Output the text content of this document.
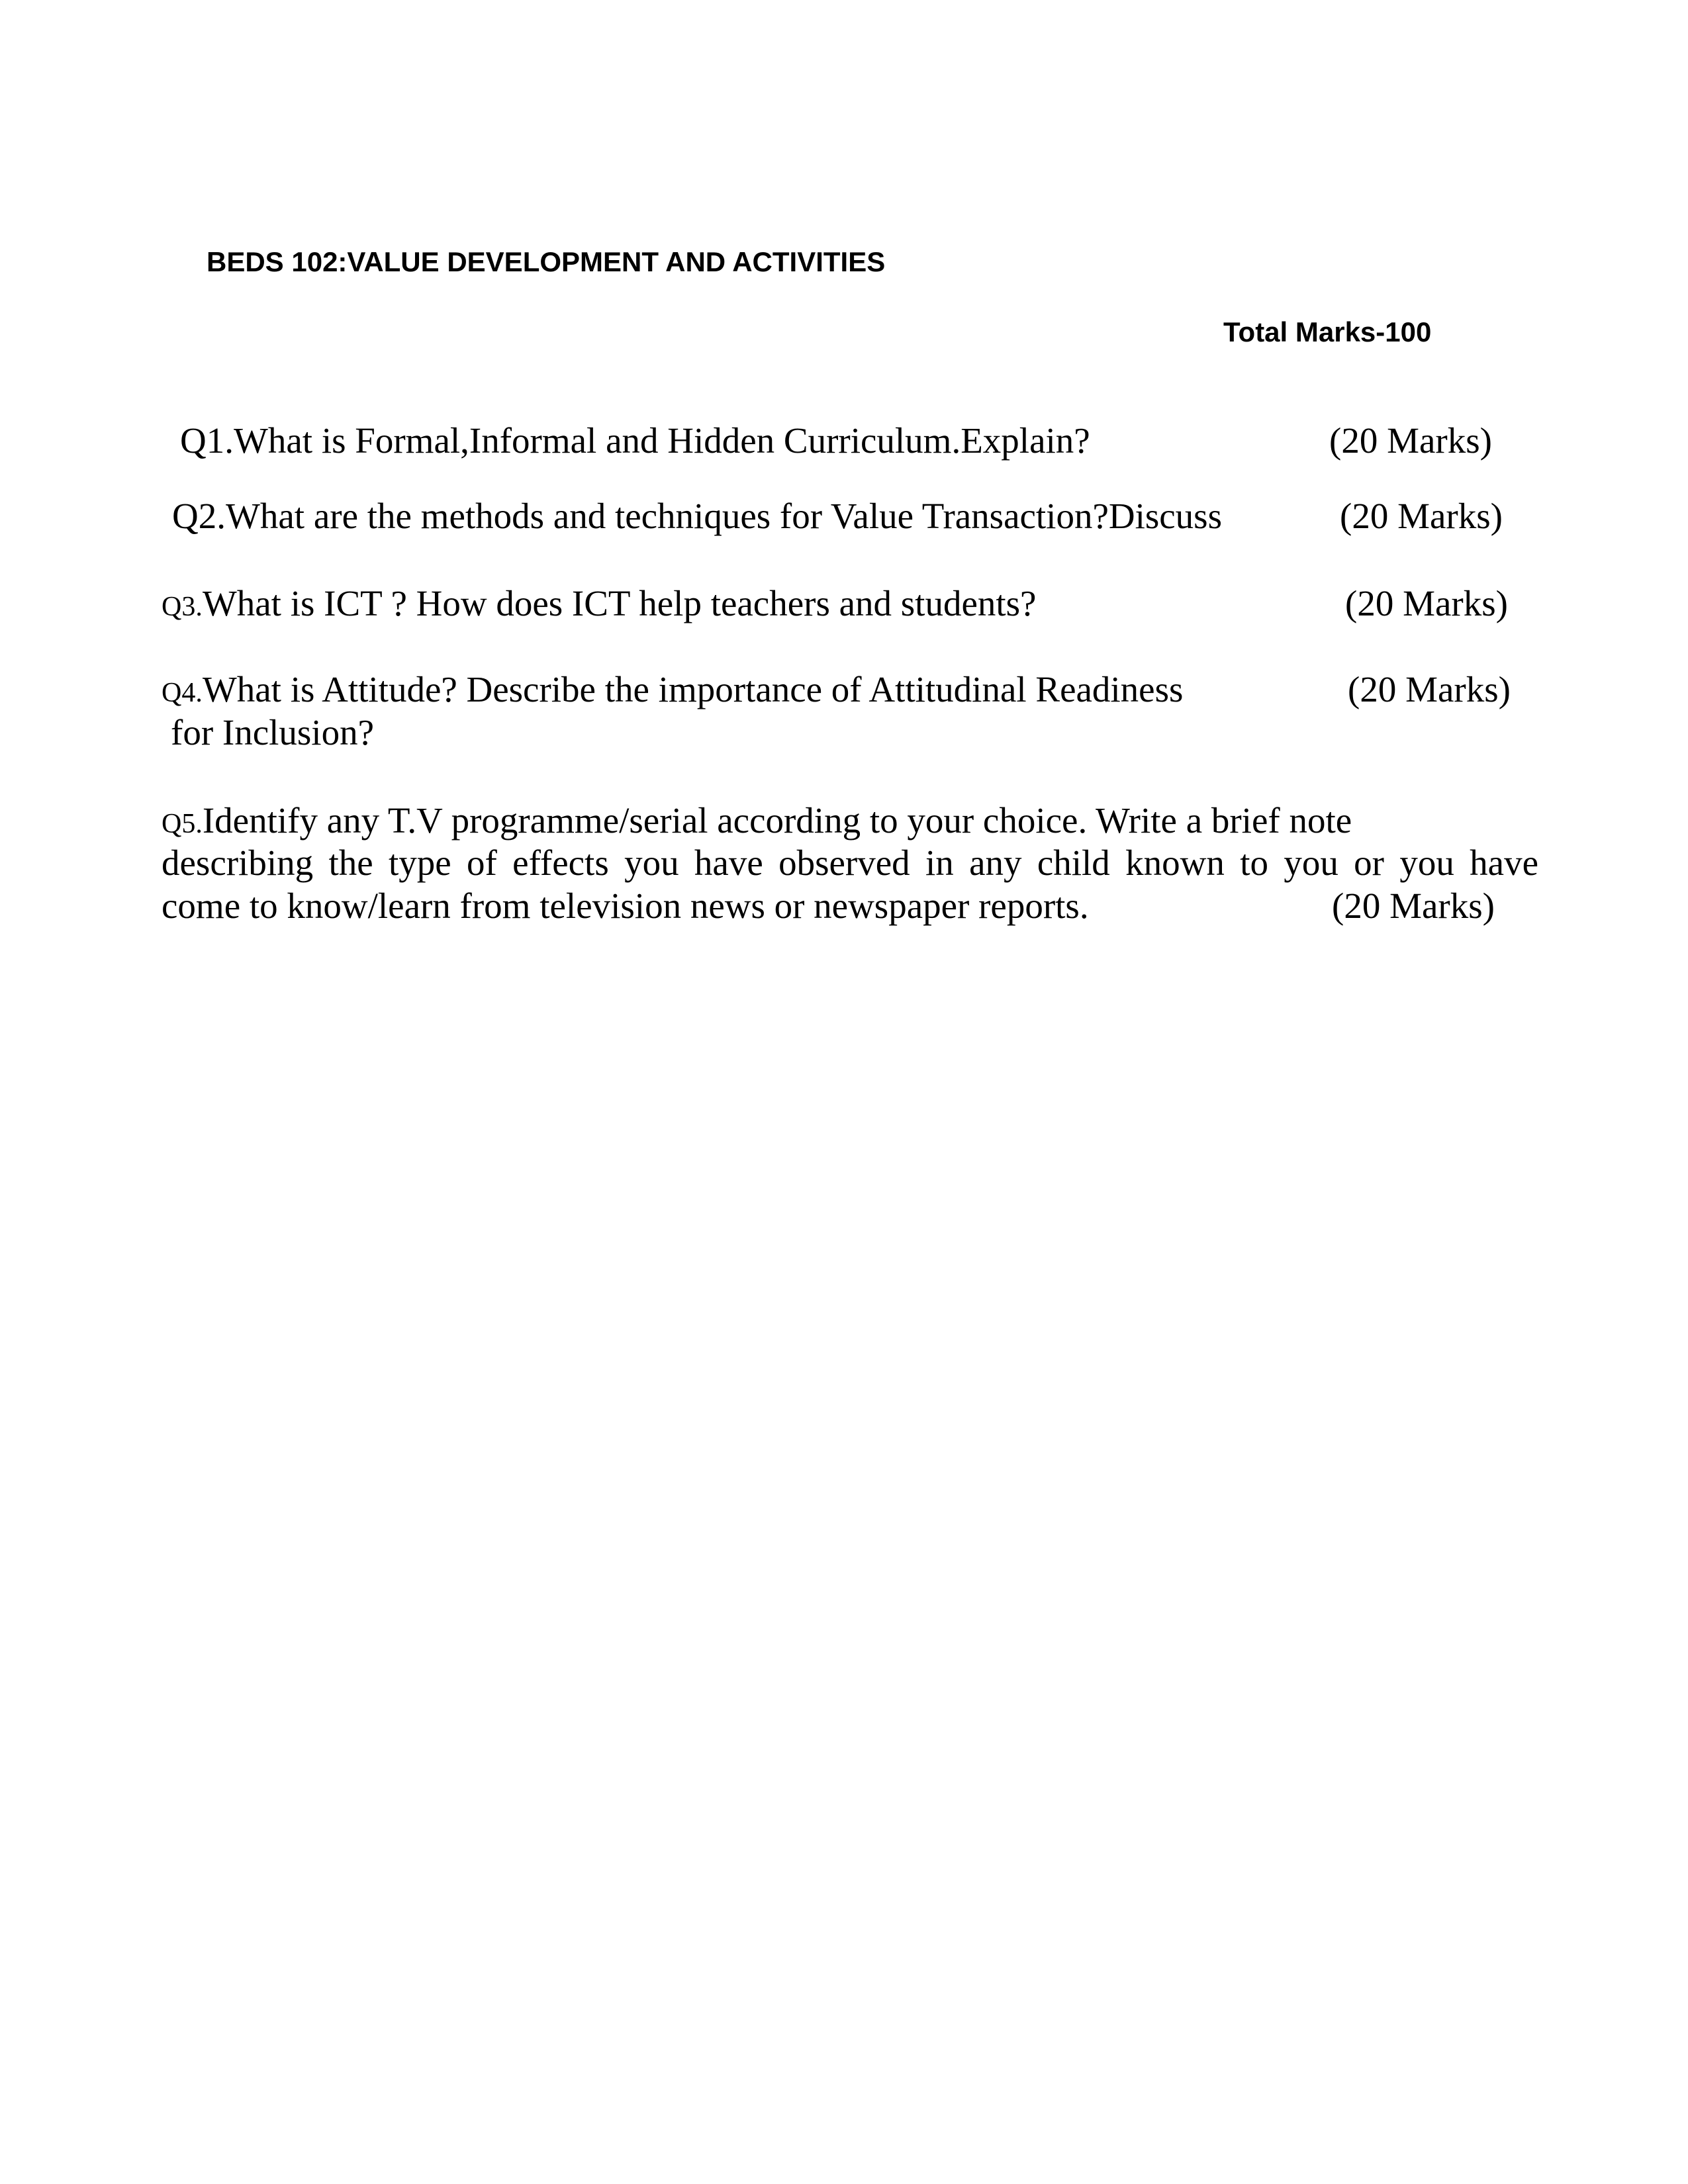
BEDS 102:VALUE DEVELOPMENT AND ACTIVITIES
Total Marks-100
Q1.What is Formal,Informal and Hidden Curriculum.Explain?	(20 Marks)
Q2.What are the methods and techniques for Value Transaction?Discuss	(20 Marks)
Q3.What is ICT ? How does ICT help teachers and students?	(20 Marks)
Q4.What is Attitude? Describe the importance of Attitudinal Readiness	(20 Marks)
for Inclusion?
Q5.Identify any T.V programme/serial according to your choice. Write a brief note
describing the type of effects you have observed in any child known to you or you have
come to know/learn from television news or newspaper reports.	(20 Marks)
